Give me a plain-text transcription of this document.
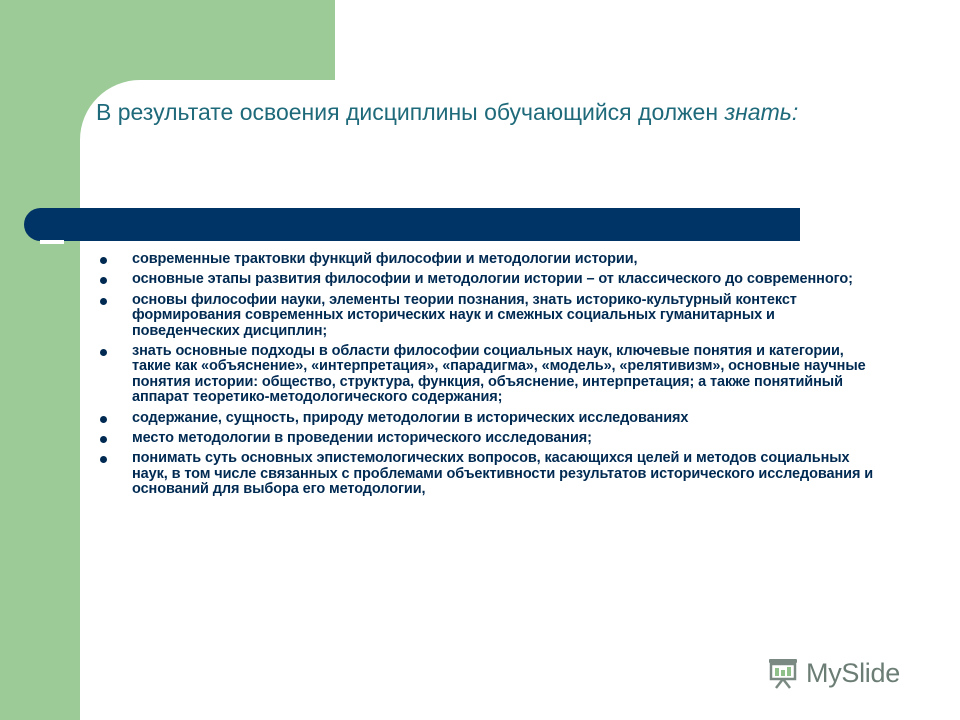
В результате освоения дисциплины обучающийся должен знать:
современные трактовки функций философии и методологии истории,
основные этапы развития философии и методологии истории – от классического до современного;
основы философии науки, элементы теории познания, знать историко-культурный контекст формирования современных исторических наук и смежных социальных гуманитарных и поведенческих дисциплин;
знать основные подходы в области философии социальных наук, ключевые понятия и категории, такие как «объяснение», «интерпретация», «парадигма», «модель», «релятивизм», основные научные понятия истории: общество, структура, функция, объяснение, интерпретация; а также понятийный аппарат теоретико-методологического содержания;
содержание, сущность, природу методологии в исторических исследованиях
место методологии в проведении исторического исследования;
понимать суть основных эпистемологических вопросов, касающихся целей и методов социальных наук, в том числе связанных с проблемами объективности результатов исторического исследования и оснований для выбора его методологии,
MySlide
